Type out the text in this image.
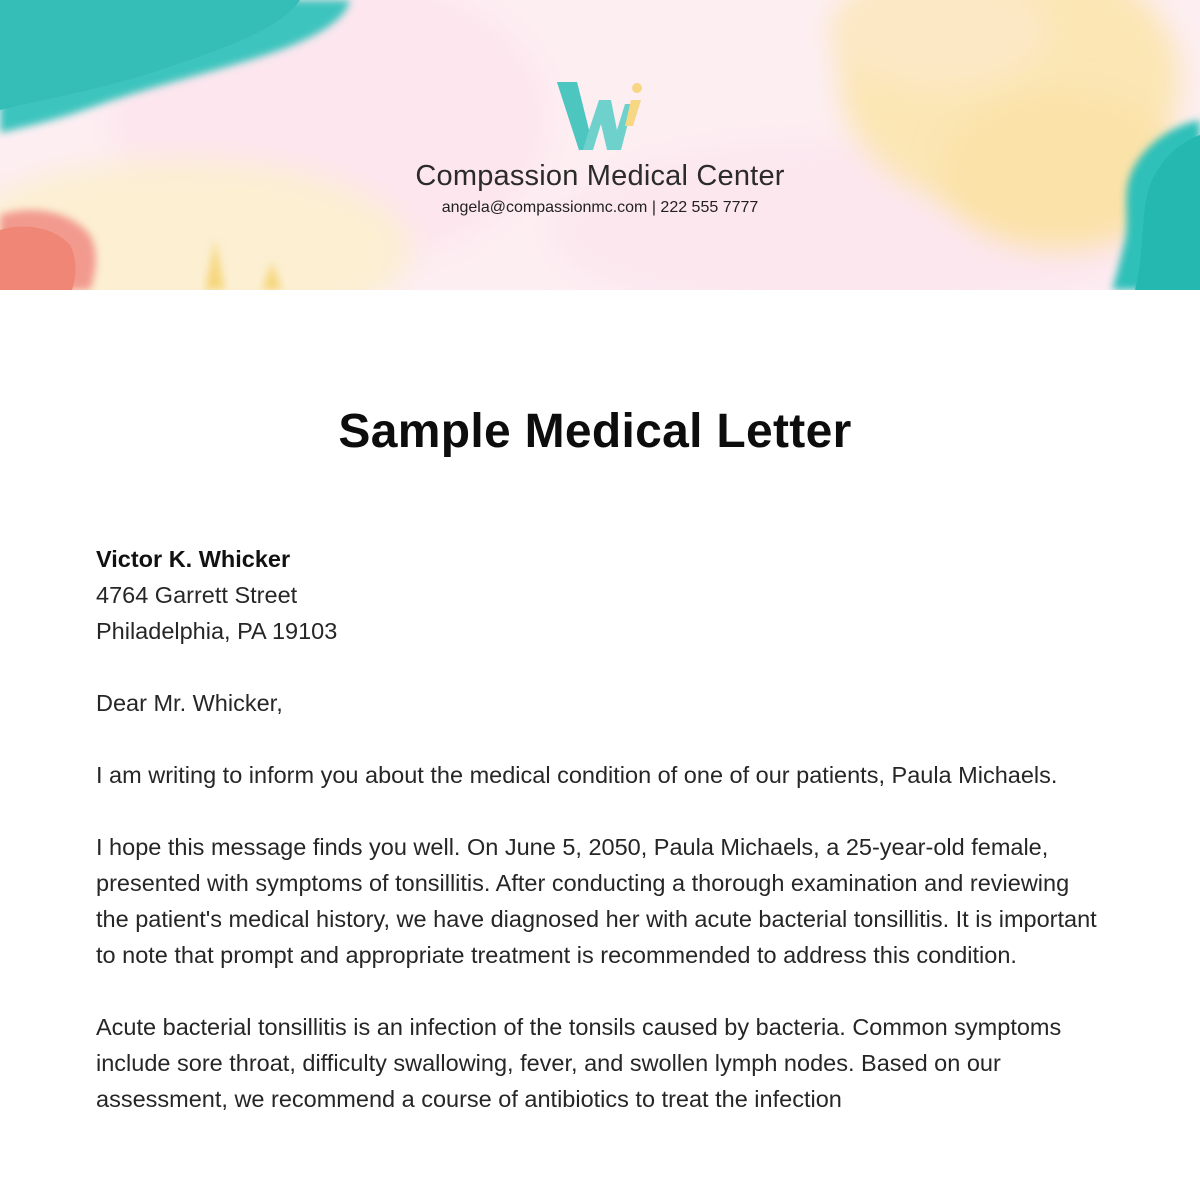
Compassion Medical Center
angela@compassionmc.com | 222 555 7777
Sample Medical Letter

Victor K. Whicker

4764 Garrett Street

Philadelphia, PA 19103

Dear Mr. Whicker,

I am writing to inform you about the medical condition of one of our patients, Paula Michaels.

I hope this message finds you well. On June 5, 2050, Paula Michaels, a 25-year-old female, presented with symptoms of tonsillitis. After conducting a thorough examination and reviewing the patient's medical history, we have diagnosed her with acute bacterial tonsillitis. It is important to note that prompt and appropriate treatment is recommended to address this condition.

Acute bacterial tonsillitis is an infection of the tonsils caused by bacteria. Common symptoms include sore throat, difficulty swallowing, fever, and swollen lymph nodes. Based on our assessment, we recommend a course of antibiotics to treat the infection
